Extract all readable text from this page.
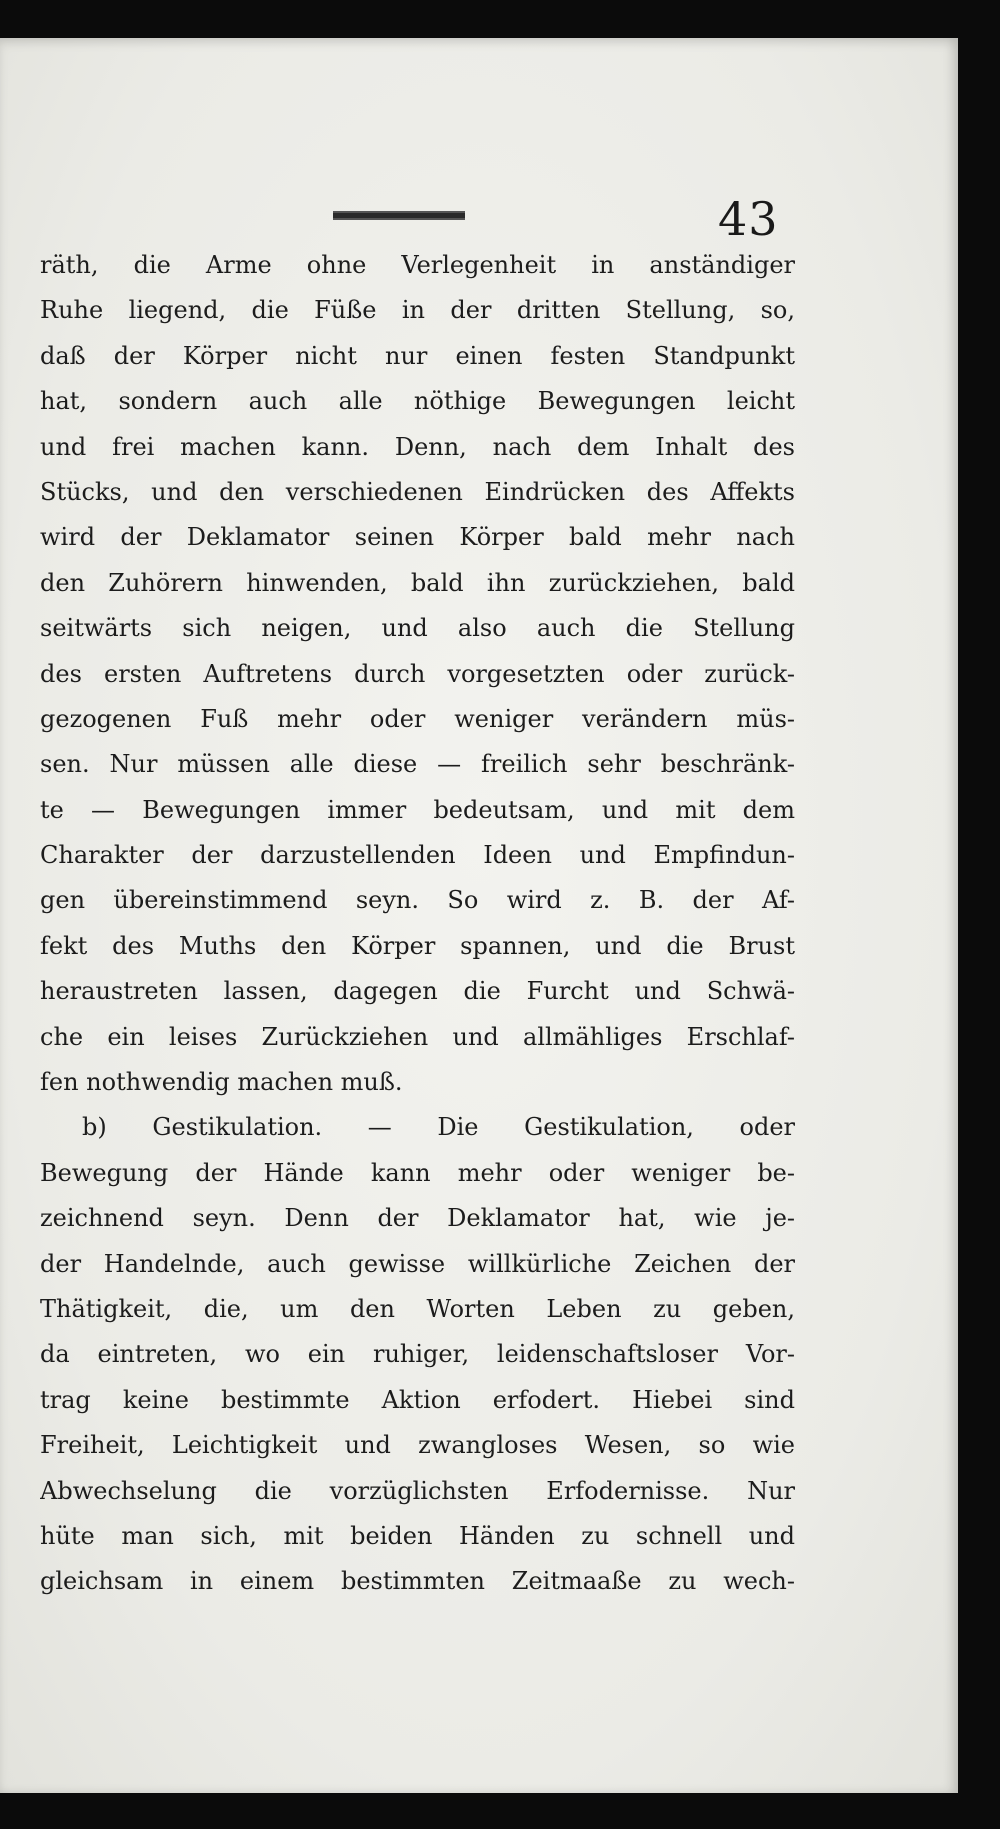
43
räth, die Arme ohne Verlegenheit in anständiger
Ruhe liegend, die Füße in der dritten Stellung, so,
daß der Körper nicht nur einen festen Standpunkt
hat, sondern auch alle nöthige Bewegungen leicht
und frei machen kann. Denn, nach dem Inhalt des
Stücks, und den verschiedenen Eindrücken des Affekts
wird der Deklamator seinen Körper bald mehr nach
den Zuhörern hinwenden, bald ihn zurückziehen, bald
seitwärts sich neigen, und also auch die Stellung
des ersten Auftretens durch vorgesetzten oder zurück-
gezogenen Fuß mehr oder weniger verändern müs-
sen. Nur müssen alle diese — freilich sehr beschränk-
te — Bewegungen immer bedeutsam, und mit dem
Charakter der darzustellenden Ideen und Empfindun-
gen übereinstimmend seyn. So wird z. B. der Af-
fekt des Muths den Körper spannen, und die Brust
heraustreten lassen, dagegen die Furcht und Schwä-
che ein leises Zurückziehen und allmähliges Erschlaf-
fen nothwendig machen muß.
b) Gestikulation. — Die Gestikulation, oder
Bewegung der Hände kann mehr oder weniger be-
zeichnend seyn. Denn der Deklamator hat, wie je-
der Handelnde, auch gewisse willkürliche Zeichen der
Thätigkeit, die, um den Worten Leben zu geben,
da eintreten, wo ein ruhiger, leidenschaftsloser Vor-
trag keine bestimmte Aktion erfodert. Hiebei sind
Freiheit, Leichtigkeit und zwangloses Wesen, so wie
Abwechselung die vorzüglichsten Erfodernisse. Nur
hüte man sich, mit beiden Händen zu schnell und
gleichsam in einem bestimmten Zeitmaaße zu wech-
